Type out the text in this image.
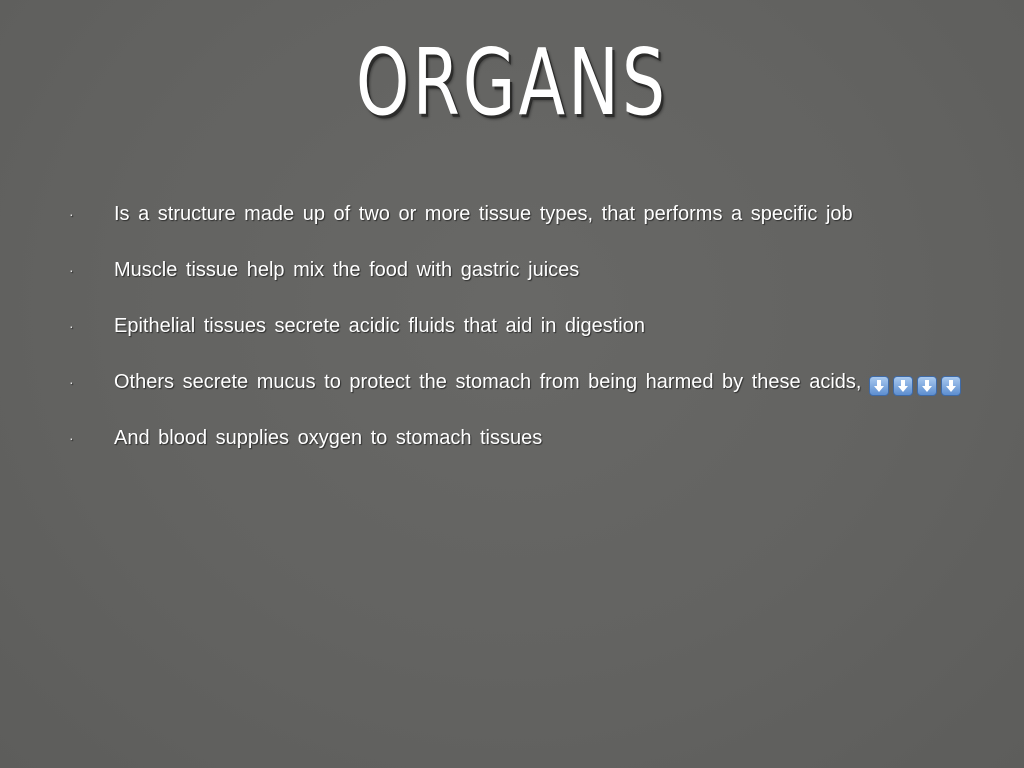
ORGANS
· Is a structure made up of two or more tissue types, that performs a specific job
· Muscle tissue help mix the food with gastric juices
· Epithelial tissues secrete acidic fluids that aid in digestion
· Others secrete mucus to protect the stomach from being harmed by these acids,
· And blood supplies oxygen to stomach tissues
